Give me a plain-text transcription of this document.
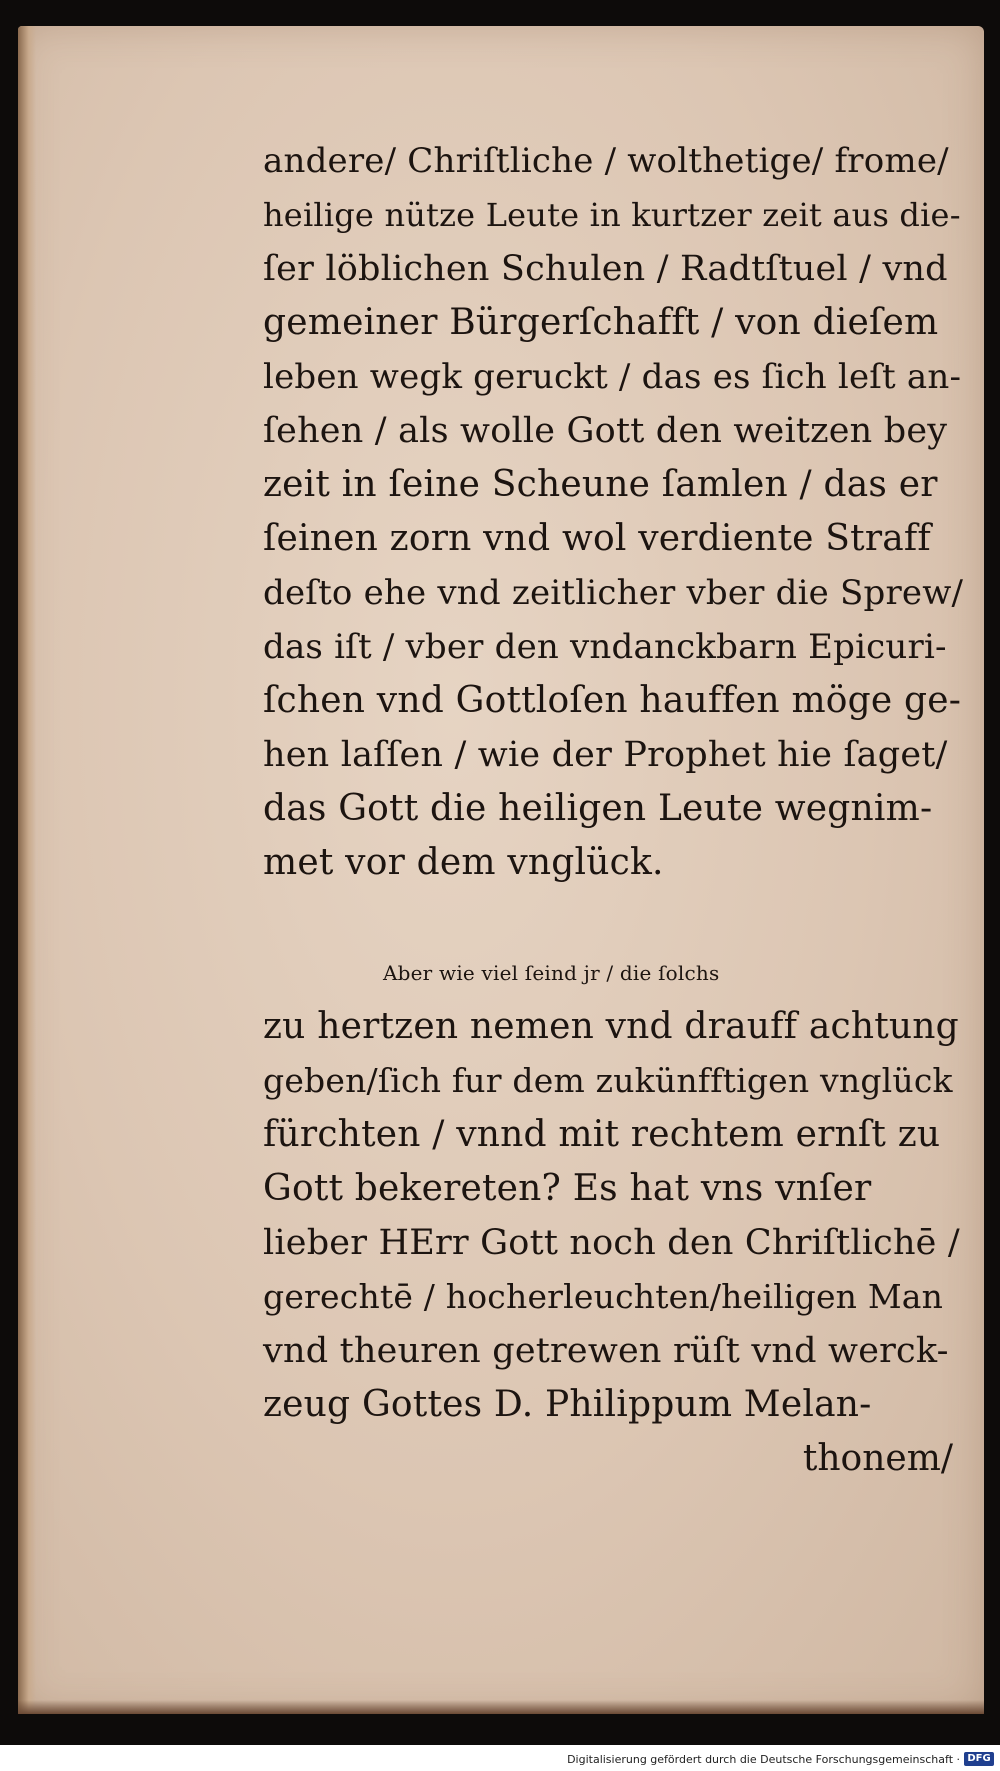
andere/ Chriſtliche / wolthetige/ frome/
heilige nütze Leute in kurtzer zeit aus die-
ſer löblichen Schulen / Radtſtuel / vnd
gemeiner Bürgerſchafft / von dieſem
leben wegk geruckt / das es ſich leſt an-
ſehen / als wolle Gott den weitzen bey
zeit in ſeine Scheune ſamlen / das er
ſeinen zorn vnd wol verdiente Straff
deſto ehe vnd zeitlicher vber die Sprew/
das iſt / vber den vndanckbarn Epicuri-
ſchen vnd Gottloſen hauffen möge ge-
hen laſſen / wie der Prophet hie ſaget/
das Gott die heiligen Leute wegnim-
met vor dem vnglück.
Aber wie viel ſeind jr / die ſolchs
zu hertzen nemen vnd drauff achtung
geben/ſich fur dem zukünfftigen vnglück
fürchten / vnnd mit rechtem ernſt zu
Gott bekereten? Es hat vns vnſer
lieber HErr Gott noch den Chriſtlichē /
gerechtē / hocherleuchten/heiligen Man
vnd theuren getrewen rüſt vnd werck-
zeug Gottes D. Philippum Melan-
thonem/
Digitalisierung gefördert durch die Deutsche Forschungsgemeinschaft · DFG
